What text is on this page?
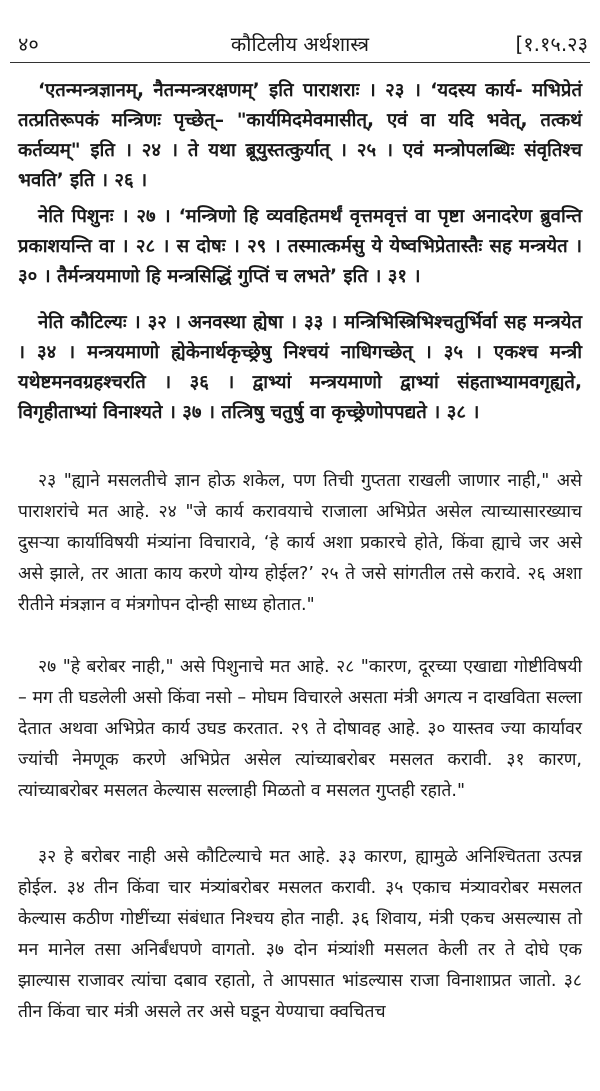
कौटिलीय अर्थशास्त्र
४०	[१.१५.२३

‘एतन्मन्त्रज्ञानम्, नैतन्मन्त्ररक्षणम्’ इति पाराशराः । २३ । ‘यदस्य कार्य- मभिप्रेतं तत्प्रतिरूपकं मन्त्रिणः पृच्छेत्– "कार्यमिदमेवमासीत्, एवं वा यदि भवेत्, तत्कथं कर्तव्यम्" इति । २४ । ते यथा ब्रूयुस्तत्कुर्यात् । २५ । एवं मन्त्रोपलब्धिः संवृतिश्च भवति’ इति । २६ ।

नेति पिशुनः । २७ । ‘मन्त्रिणो हि व्यवहितमर्थं वृत्तमवृत्तं वा पृष्टा अनादरेण ब्रुवन्ति प्रकाशयन्ति वा । २८ । स दोषः । २९ । तस्मात्कर्मसु ये येष्वभिप्रेतास्तैः सह मन्त्रयेत । ३० । तैर्मन्त्रयमाणो हि मन्त्रसिद्धिं गुप्तिं च लभते’ इति । ३१ ।

नेति कौटिल्यः । ३२ । अनवस्था ह्येषा । ३३ । मन्त्रिभिस्त्रिभिश्चतुर्भिर्वा सह मन्त्रयेत । ३४ । मन्त्रयमाणो ह्येकेनार्थकृच्छ्रेषु निश्चयं नाधिगच्छेत् । ३५ । एकश्च मन्त्री यथेष्टमनवग्रहश्चरति । ३६ । द्वाभ्यां मन्त्रयमाणो द्वाभ्यां संहताभ्यामवगृह्यते, विगृहीताभ्यां विनाश्यते । ३७ । तत्त्रिषु चतुर्षु वा कृच्छ्रेणोपपद्यते । ३८ ।

२३ "ह्याने मसलतीचे ज्ञान होऊ शकेल, पण तिची गुप्तता राखली जाणार नाही," असे पाराशरांचे मत आहे. २४ "जे कार्य करावयाचे राजाला अभिप्रेत असेल त्याच्यासारख्याच दुसऱ्या कार्याविषयी मंत्र्यांना विचारावे, ‘हे कार्य अशा प्रकारचे होते, किंवा ह्याचे जर असे असे झाले, तर आता काय करणे योग्य होईल?’ २५ ते जसे सांगतील तसे करावे. २६ अशा रीतीने मंत्रज्ञान व मंत्रगोपन दोन्ही साध्य होतात."

२७ "हे बरोबर नाही," असे पिशुनाचे मत आहे. २८ "कारण, दूरच्या एखाद्या गोष्टीविषयी – मग ती घडलेली असो किंवा नसो – मोघम विचारले असता मंत्री अगत्य न दाखविता सल्ला देतात अथवा अभिप्रेत कार्य उघड करतात. २९ ते दोषावह आहे. ३० यास्तव ज्या कार्यावर ज्यांची नेमणूक करणे अभिप्रेत असेल त्यांच्याबरोबर मसलत करावी. ३१ कारण, त्यांच्याबरोबर मसलत केल्यास सल्लाही मिळतो व मसलत गुप्तही रहाते."

३२ हे बरोबर नाही असे कौटिल्याचे मत आहे. ३३ कारण, ह्यामुळे अनिश्चितता उत्पन्न होईल. ३४ तीन किंवा चार मंत्र्यांबरोबर मसलत करावी. ३५ एकाच मंत्र्यावरोबर मसलत केल्यास कठीण गोष्टींच्या संबंधात निश्चय होत नाही. ३६ शिवाय, मंत्री एकच असल्यास तो मन मानेल तसा अनिर्बंधपणे वागतो. ३७ दोन मंत्र्यांशी मसलत केली तर ते दोघे एक झाल्यास राजावर त्यांचा दबाव रहातो, ते आपसात भांडल्यास राजा विनाशाप्रत जातो. ३८ तीन किंवा चार मंत्री असले तर असे घडून येण्याचा क्वचितच
